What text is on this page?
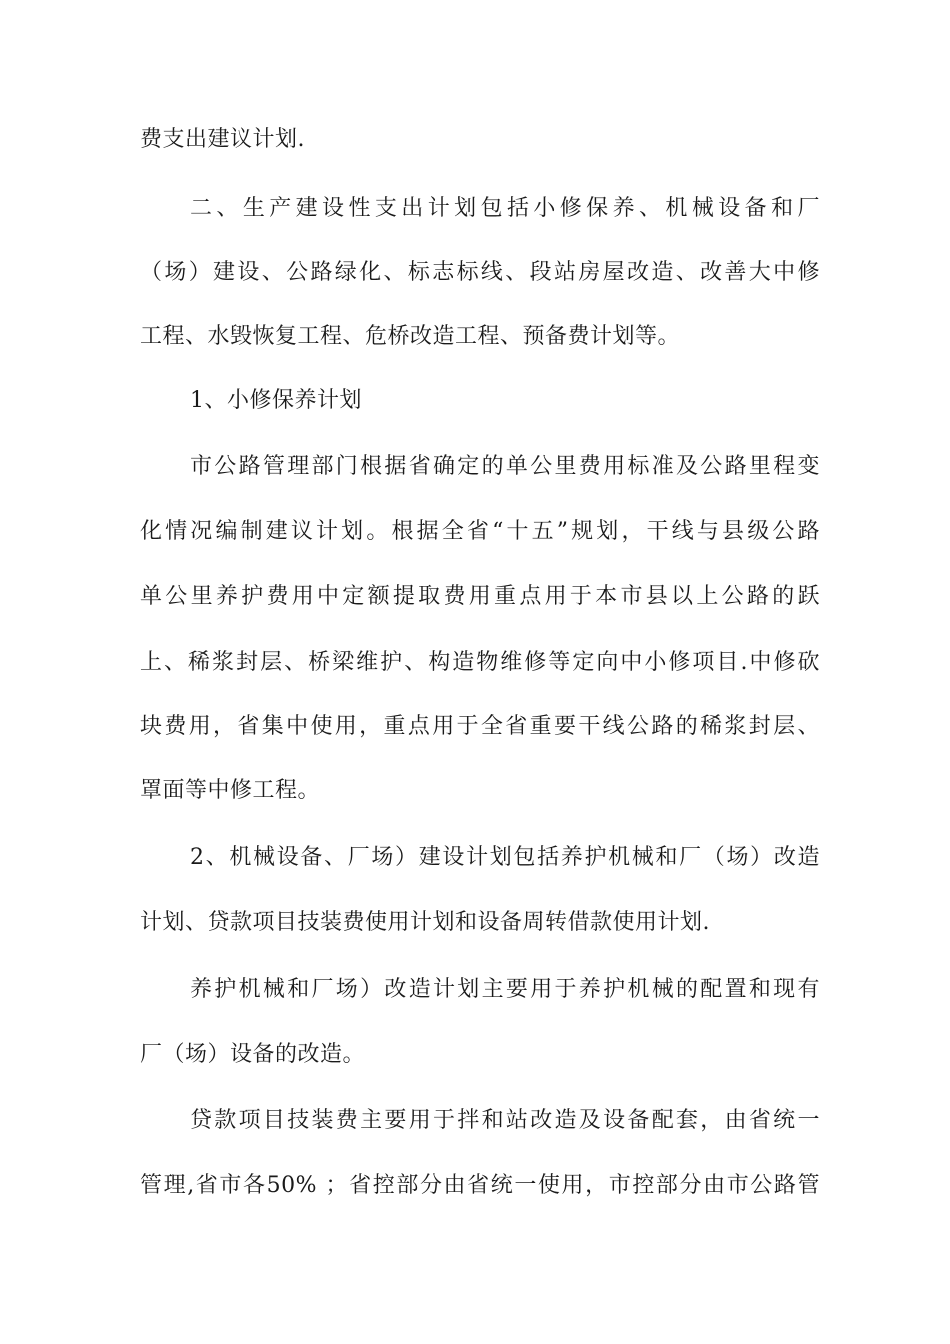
费支出建议计划.

二、生产建设性支出计划包括小修保养、机械设备和厂

（场）建设、公路绿化、标志标线、段站房屋改造、改善大中修

工程、水毁恢复工程、危桥改造工程、预备费计划等。

1、小修保养计划

市公路管理部门根据省确定的单公里费用标准及公路里程变

化情况编制建议计划。根据全省“十五”规划，干线与县级公路

单公里养护费用中定额提取费用重点用于本市县以上公路的跃

上、稀浆封层、桥梁维护、构造物维修等定向中小修项目.中修砍

块费用，省集中使用，重点用于全省重要干线公路的稀浆封层、

罩面等中修工程。

2、机械设备、厂场）建设计划包括养护机械和厂（场）改造

计划、贷款项目技装费使用计划和设备周转借款使用计划.

养护机械和厂场）改造计划主要用于养护机械的配置和现有

厂（场）设备的改造。

贷款项目技装费主要用于拌和站改造及设备配套，由省统一

管理,省市各50% ；省控部分由省统一使用，市控部分由市公路管
